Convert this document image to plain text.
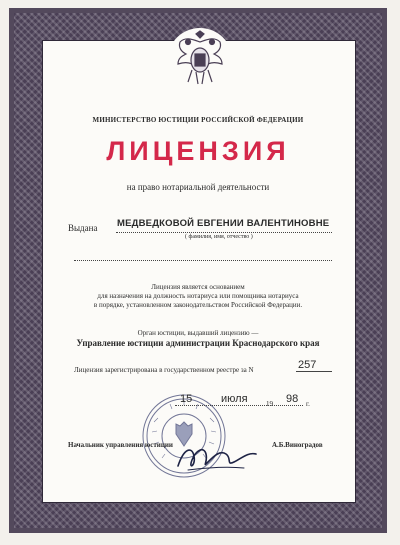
МИНИСТЕРСТВО ЮСТИЦИИ РОССИЙСКОЙ ФЕДЕРАЦИИ
ЛИЦЕНЗИЯ
на право нотариальной деятельности
Выдана МЕДВЕДКОВОЙ ЕВГЕНИИ ВАЛЕНТИНОВНЕ
( фамилия, имя, отчество )
Лицензия является основанием
для назначения на должность нотариуса или помощника нотариуса
в порядке, установленном законодательством Российской Федерации.
Орган юстиции, выдавший лицензию —
Управление юстиции администрации Краснодарского края
Лицензия зарегистрирована в государственном реестре за N	257
15	июля	19 98 г.
Начальник управления юстиции	А.Б.Виноградов
